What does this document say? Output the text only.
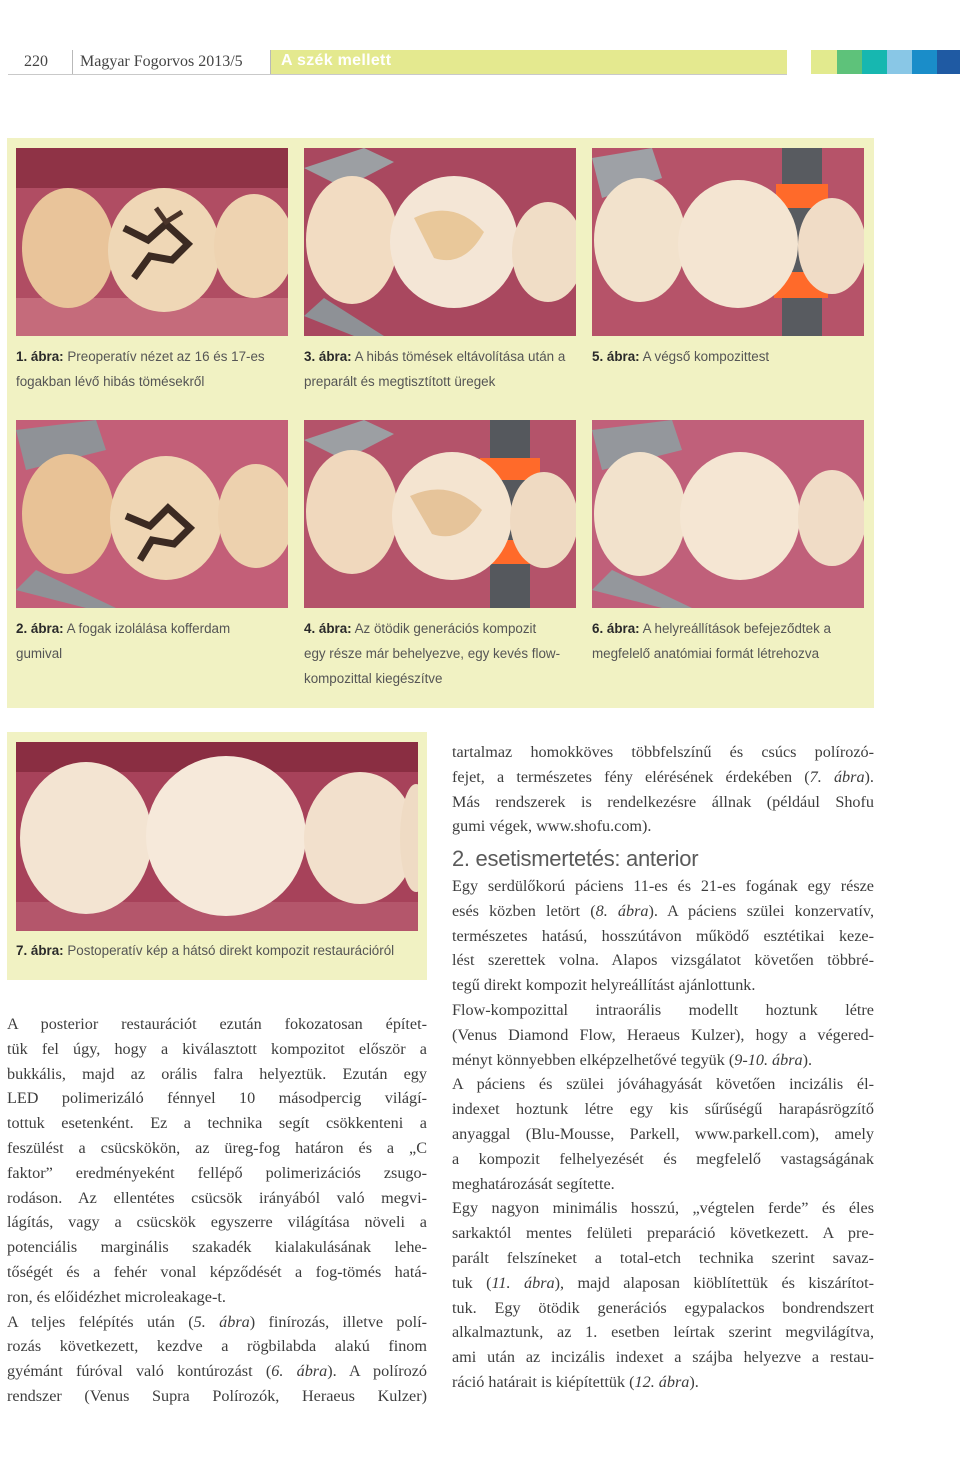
220 Magyar Fogorvos 2013/5 A szék mellett
1. ábra: Preoperatív nézet az 16 és 17-es
fogakban lévő hibás tömésekről
3. ábra: A hibás tömések eltávolítása után a
preparált és megtisztított üregek
5. ábra: A végső kompozittest
2. ábra: A fogak izolálása kofferdam
gumival
4. ábra: Az ötödik generációs kompozit
egy része már behelyezve, egy kevés flow-
kompozittal kiegészítve
6. ábra: A helyreállítások befejeződtek a
megfelelő anatómiai formát létrehozva
7. ábra: Postoperatív kép a hátsó direkt kompozit restaurációról

A posterior restaurációt ezután fokozatosan építet-
tük fel úgy, hogy a kiválasztott kompozitot először a
bukkális, majd az orális falra helyeztük. Ezután egy
LED polimerizáló fénnyel 10 másodpercig világí-
tottuk esetenként. Ez a technika segít csökkenteni a
feszülést a csücskökön, az üreg-fog határon és a „C
faktor” eredményeként fellépő polimerizációs zsugo-
rodáson. Az ellentétes csücsök irányából való megvi-
lágítás, vagy a csücskök egyszerre világítása növeli a
potenciális marginális szakadék kialakulásának lehe-
tőségét és a fehér vonal képződését a fog-tömés hatá-
ron, és előidézhet microleakage-t.

A teljes felépítés után (5. ábra) finírozás, illetve polí-
rozás következett, kezdve a rögbilabda alakú finom
gyémánt fúróval való kontúrozást (6. ábra). A polírozó
rendszer (Venus Supra Polírozók, Heraeus Kulzer)

tartalmaz homokköves többfelszínű és csúcs polírozó-
fejet, a természetes fény elérésének érdekében (7. ábra).
Más rendszerek is rendelkezésre állnak (például Shofu
gumi végek, www.shofu.com).

2. esetismertetés: anterior

Egy serdülőkorú páciens 11-es és 21-es fogának egy része
esés közben letört (8. ábra). A páciens szülei konzervatív,
természetes hatású, hosszútávon működő esztétikai keze-
lést szerettek volna. Alapos vizsgálatot követően többré-
tegű direkt kompozit helyreállítást ajánlottunk.

Flow-kompozittal intraorális modellt hoztunk létre
(Venus Diamond Flow, Heraeus Kulzer), hogy a végered-
ményt könnyebben elképzelhetővé tegyük (9-10. ábra).

A páciens és szülei jóváhagyását követően incizális él-
indexet hoztunk létre egy kis sűrűségű harapásrögzítő
anyaggal (Blu-Mousse, Parkell, www.parkell.com), amely
a kompozit felhelyezését és megfelelő vastagságának
meghatározását segítette.

Egy nagyon minimális hosszú, „végtelen ferde” és éles
sarkaktól mentes felületi preparáció következett. A pre-
parált felszíneket a total-etch technika szerint savaz-
tuk (11. ábra), majd alaposan kiöblítettük és kiszárítot-
tuk. Egy ötödik generációs egypalackos bondrendszert
alkalmaztunk, az 1. esetben leírtak szerint megvilágítva,
ami után az incizális indexet a szájba helyezve a restau-
ráció határait is kiépítettük (12. ábra).
